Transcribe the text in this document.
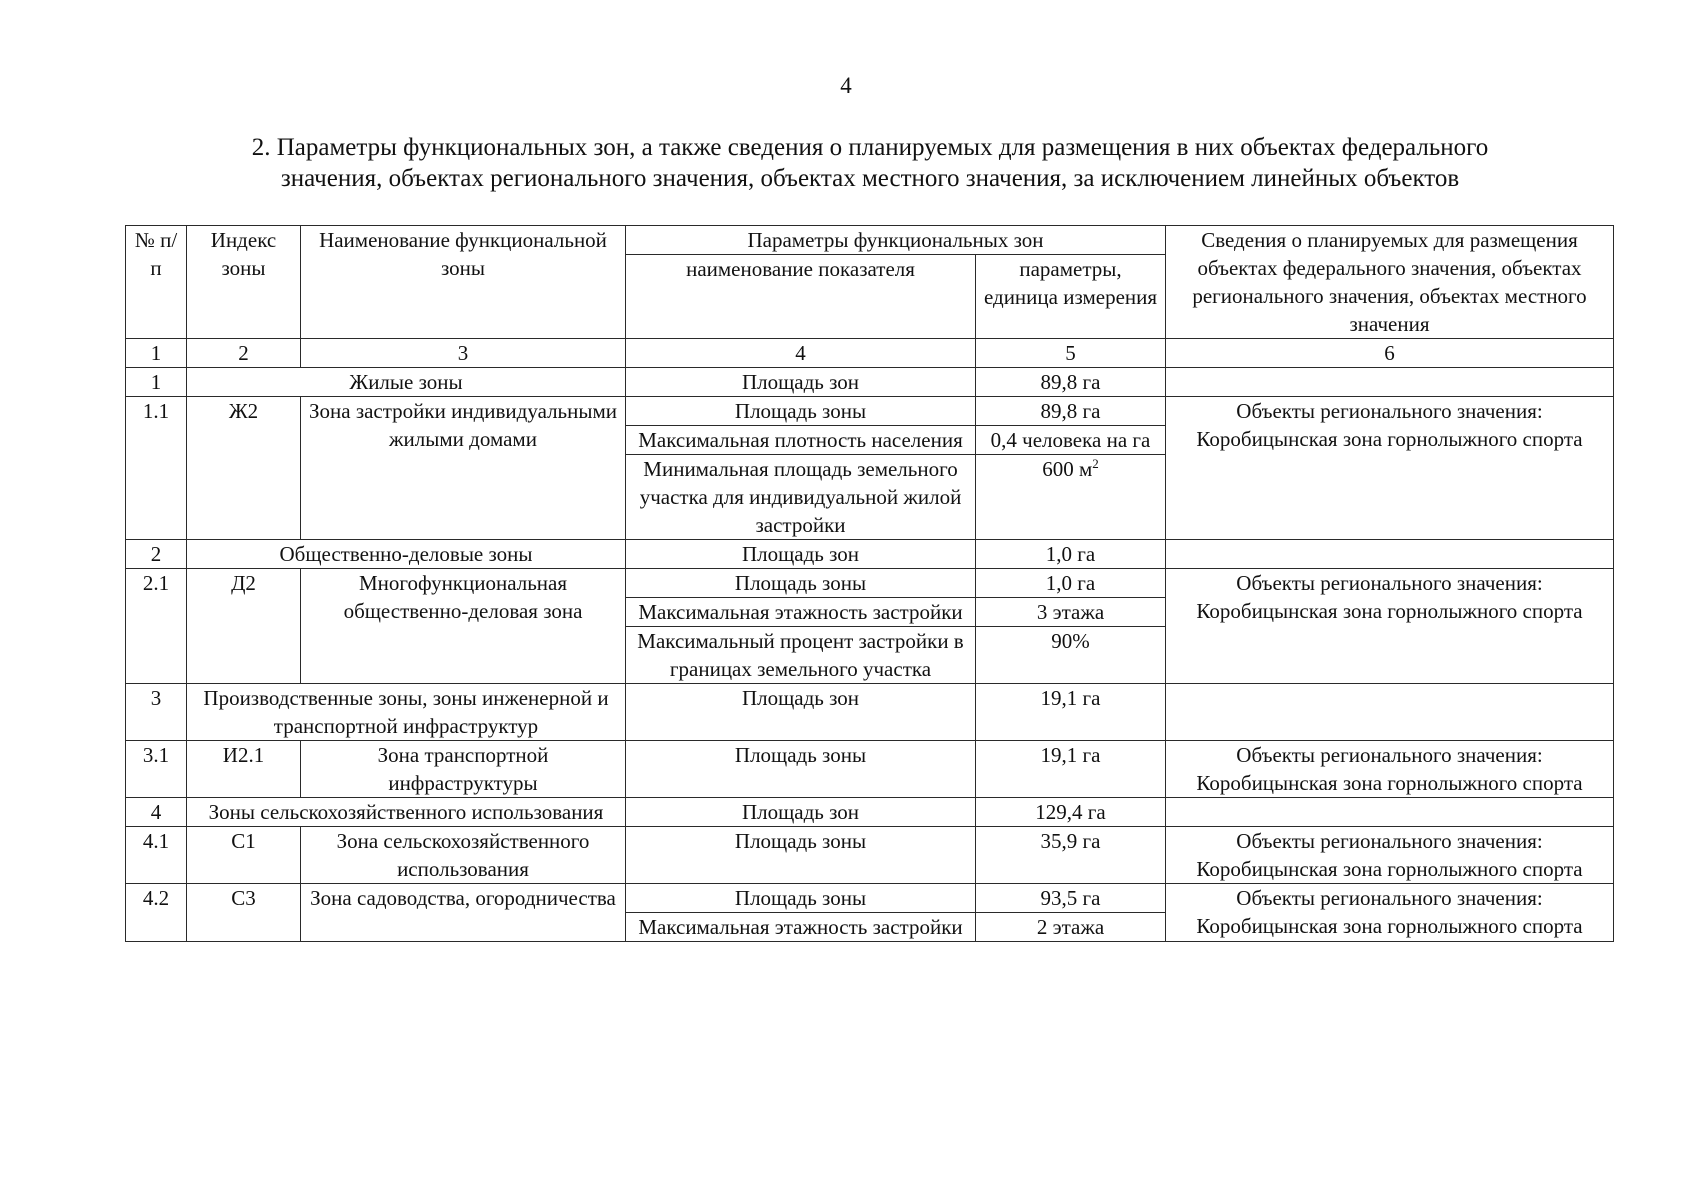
4
2. Параметры функциональных зон, а также сведения о планируемых для размещения в них объектах федерального
значения, объектах регионального значения, объектах местного значения, за исключением линейных объектов
№ п/п	Индекс зоны	Наименование функциональной зоны	Параметры функциональных зон		Сведения о планируемых для размещения объектах федерального значения, объектах регионального значения, объектах местного значения
			наименование показателя	параметры, единица измерения	
1	2	3	4	5	6
1	Жилые зоны		Площадь зон	89,8 га	
1.1	Ж2	Зона застройки индивидуальными жилыми домами	Площадь зоны	89,8 га	Объекты регионального значения: Коробицынская зона горнолыжного спорта
			Максимальная плотность населения	0,4 человека на га	
			Минимальная площадь земельного участка для индивидуальной жилой застройки	600 $м^2$
2	Общественно-деловые зоны		Площадь зон	1,0 га	
2.1	Д2	Многофункциональная общественно-деловая зона	Площадь зоны	1,0 га	Объекты регионального значения: Коробицынская зона горнолыжного спорта
			Максимальная этажность застройки	3 этажа	
			Максимальный процент застройки в границах земельного участка	90%	
3	Производственные зоны, зоны инженерной и транспортной инфраструктур		Площадь зон	19,1 га	
3.1	И2.1	Зона транспортной инфраструктуры	Площадь зоны	19,1 га	Объекты регионального значения: Коробицынская зона горнолыжного спорта
4	Зоны сельскохозяйственного использования		Площадь зон	129,4 га	
4.1	С1	Зона сельскохозяйственного использования	Площадь зоны	35,9 га	Объекты регионального значения: Коробицынская зона горнолыжного спорта
4.2	С3	Зона садоводства, огородничества	Площадь зоны	93,5 га	Объекты регионального значения: Коробицынская зона горнолыжного спорта
			Максимальная этажность застройки	2 этажа	
